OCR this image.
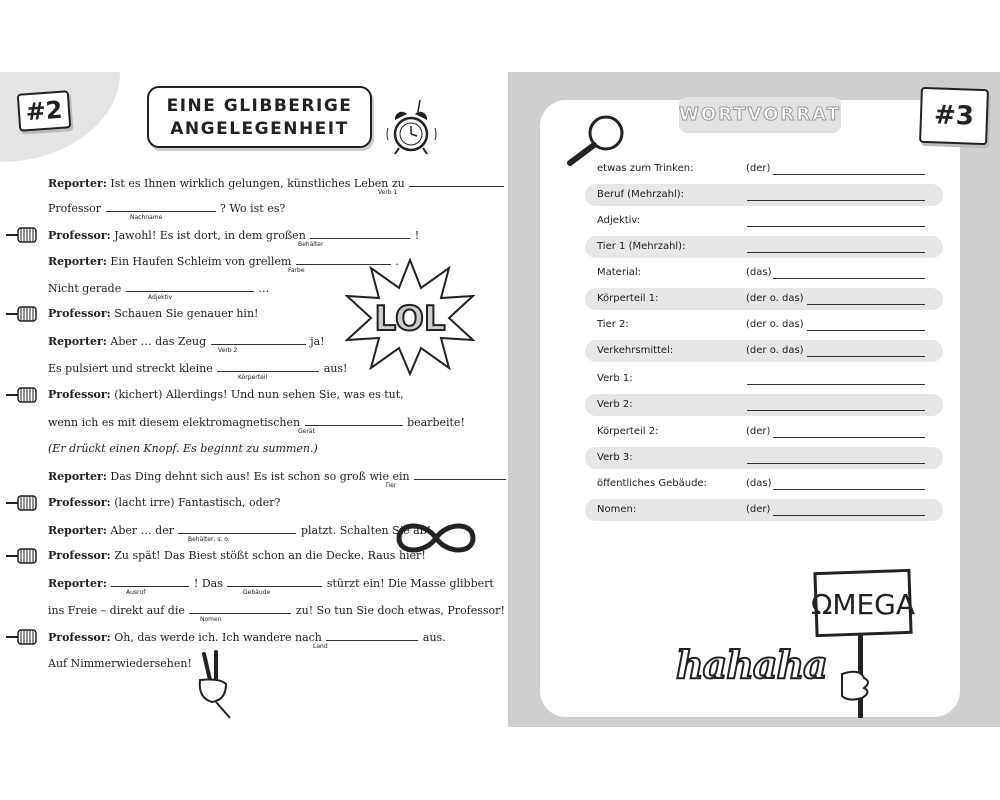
#2	EINE GLIBBERIGE
ANGELEGENHEIT
Reporter: Ist es Ihnen wirklich gelungen, künstliches Leben zu
Verb 1
Professor	? Wo ist es?
Nachname
Professor: Jawohl! Es ist dort, in dem großen	!
Behälter
Reporter: Ein Haufen Schleim von grellem	.
Farbe
Nicht gerade	…
Adjektiv
Professor: Schauen Sie genauer hin!
Reporter: Aber … das Zeug	ja!
Verb 2
Es pulsiert und streckt kleine	aus!
Körperteil
Professor: (kichert) Allerdings! Und nun sehen Sie, was es tut,
wenn ich es mit diesem elektromagnetischen	bearbeite!
Gerät
(Er drückt einen Knopf. Es beginnt zu summen.)
Reporter: Das Ding dehnt sich aus! Es ist schon so groß wie ein
Tier
Professor: (lacht irre) Fantastisch, oder?
Reporter: Aber … der	platzt. Schalten Sie ab!
Behälter, s. o.
Professor: Zu spät! Das Biest stößt schon an die Decke. Raus hier!
Reporter:	! Das	stürzt ein! Die Masse glibbert
Ausruf	Gebäude
ins Freie – direkt auf die	zu! So tun Sie doch etwas, Professor!
Nomen
Professor: Oh, das werde ich. Ich wandere nach	aus.
Land
Auf Nimmerwiedersehen!
LOL
#3
WORTVORRAT
etwas zum Trinken:	(der)
Beruf (Mehrzahl):
Adjektiv:
Tier 1 (Mehrzahl):
Material:	(das)
Körperteil 1:	(der o. das)
Tier 2:	(der o. das)
Verkehrsmittel:	(der o. das)
Verb 1:
Verb 2:
Körperteil 2:	(der)
Verb 3:
öffentliches Gebäude:	(das)
Nomen:	(der)
hahaha
ΩMEGA
